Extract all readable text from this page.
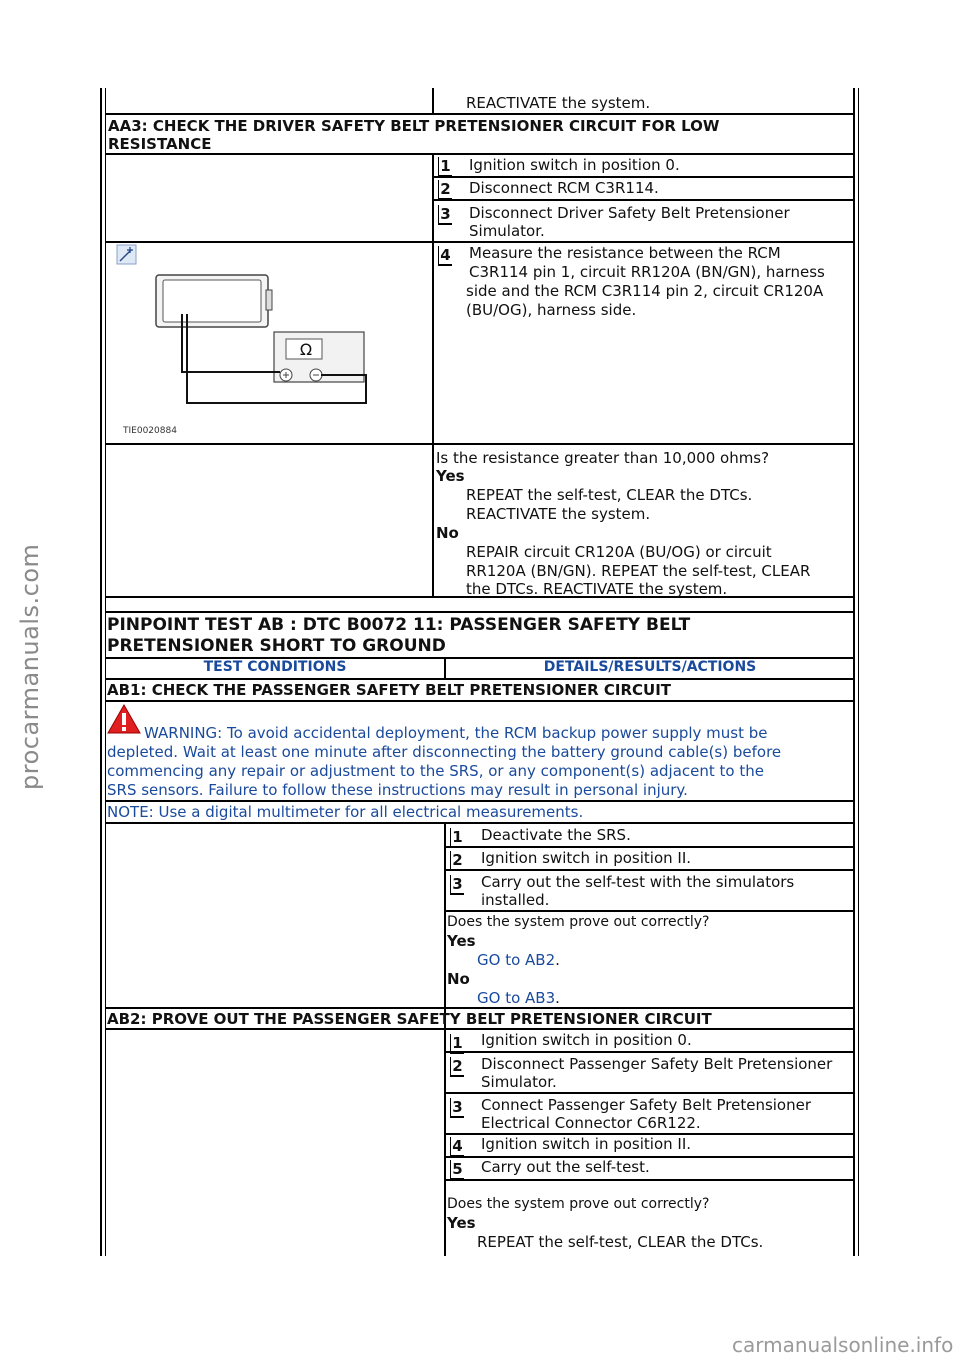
procarmanuals.com
REACTIVATE the system.
AA3: CHECK THE DRIVER SAFETY BELT PRETENSIONER CIRCUIT FOR LOW
RESISTANCE
1 Ignition switch in position 0.
2 Disconnect RCM C3R114.
3 Disconnect Driver Safety Belt Pretensioner
Simulator.
4 Measure the resistance between the RCM
C3R114 pin 1, circuit RR120A (BN/GN), harness
side and the RCM C3R114 pin 2, circuit CR120A
(BU/OG), harness side.
Ω
TIE0020884
Is the resistance greater than 10,000 ohms?
Yes
REPEAT the self-test, CLEAR the DTCs.
REACTIVATE the system.
No
REPAIR circuit CR120A (BU/OG) or circuit
RR120A (BN/GN). REPEAT the self-test, CLEAR
the DTCs. REACTIVATE the system.
PINPOINT TEST AB : DTC B0072 11: PASSENGER SAFETY BELT
PRETENSIONER SHORT TO GROUND
TEST CONDITIONS	DETAILS/RESULTS/ACTIONS
AB1: CHECK THE PASSENGER SAFETY BELT PRETENSIONER CIRCUIT
WARNING: To avoid accidental deployment, the RCM backup power supply must be
depleted. Wait at least one minute after disconnecting the battery ground cable(s) before
commencing any repair or adjustment to the SRS, or any component(s) adjacent to the
SRS sensors. Failure to follow these instructions may result in personal injury.
NOTE: Use a digital multimeter for all electrical measurements.
1 Deactivate the SRS.
2 Ignition switch in position II.
3 Carry out the self-test with the simulators
installed.
Does the system prove out correctly?
Yes
GO to AB2.
No
GO to AB3.
AB2: PROVE OUT THE PASSENGER SAFETY BELT PRETENSIONER CIRCUIT
1 Ignition switch in position 0.
2 Disconnect Passenger Safety Belt Pretensioner
Simulator.
3 Connect Passenger Safety Belt Pretensioner
Electrical Connector C6R122.
4 Ignition switch in position II.
5 Carry out the self-test.
Does the system prove out correctly?
Yes
REPEAT the self-test, CLEAR the DTCs.
carmanualsonline.info
